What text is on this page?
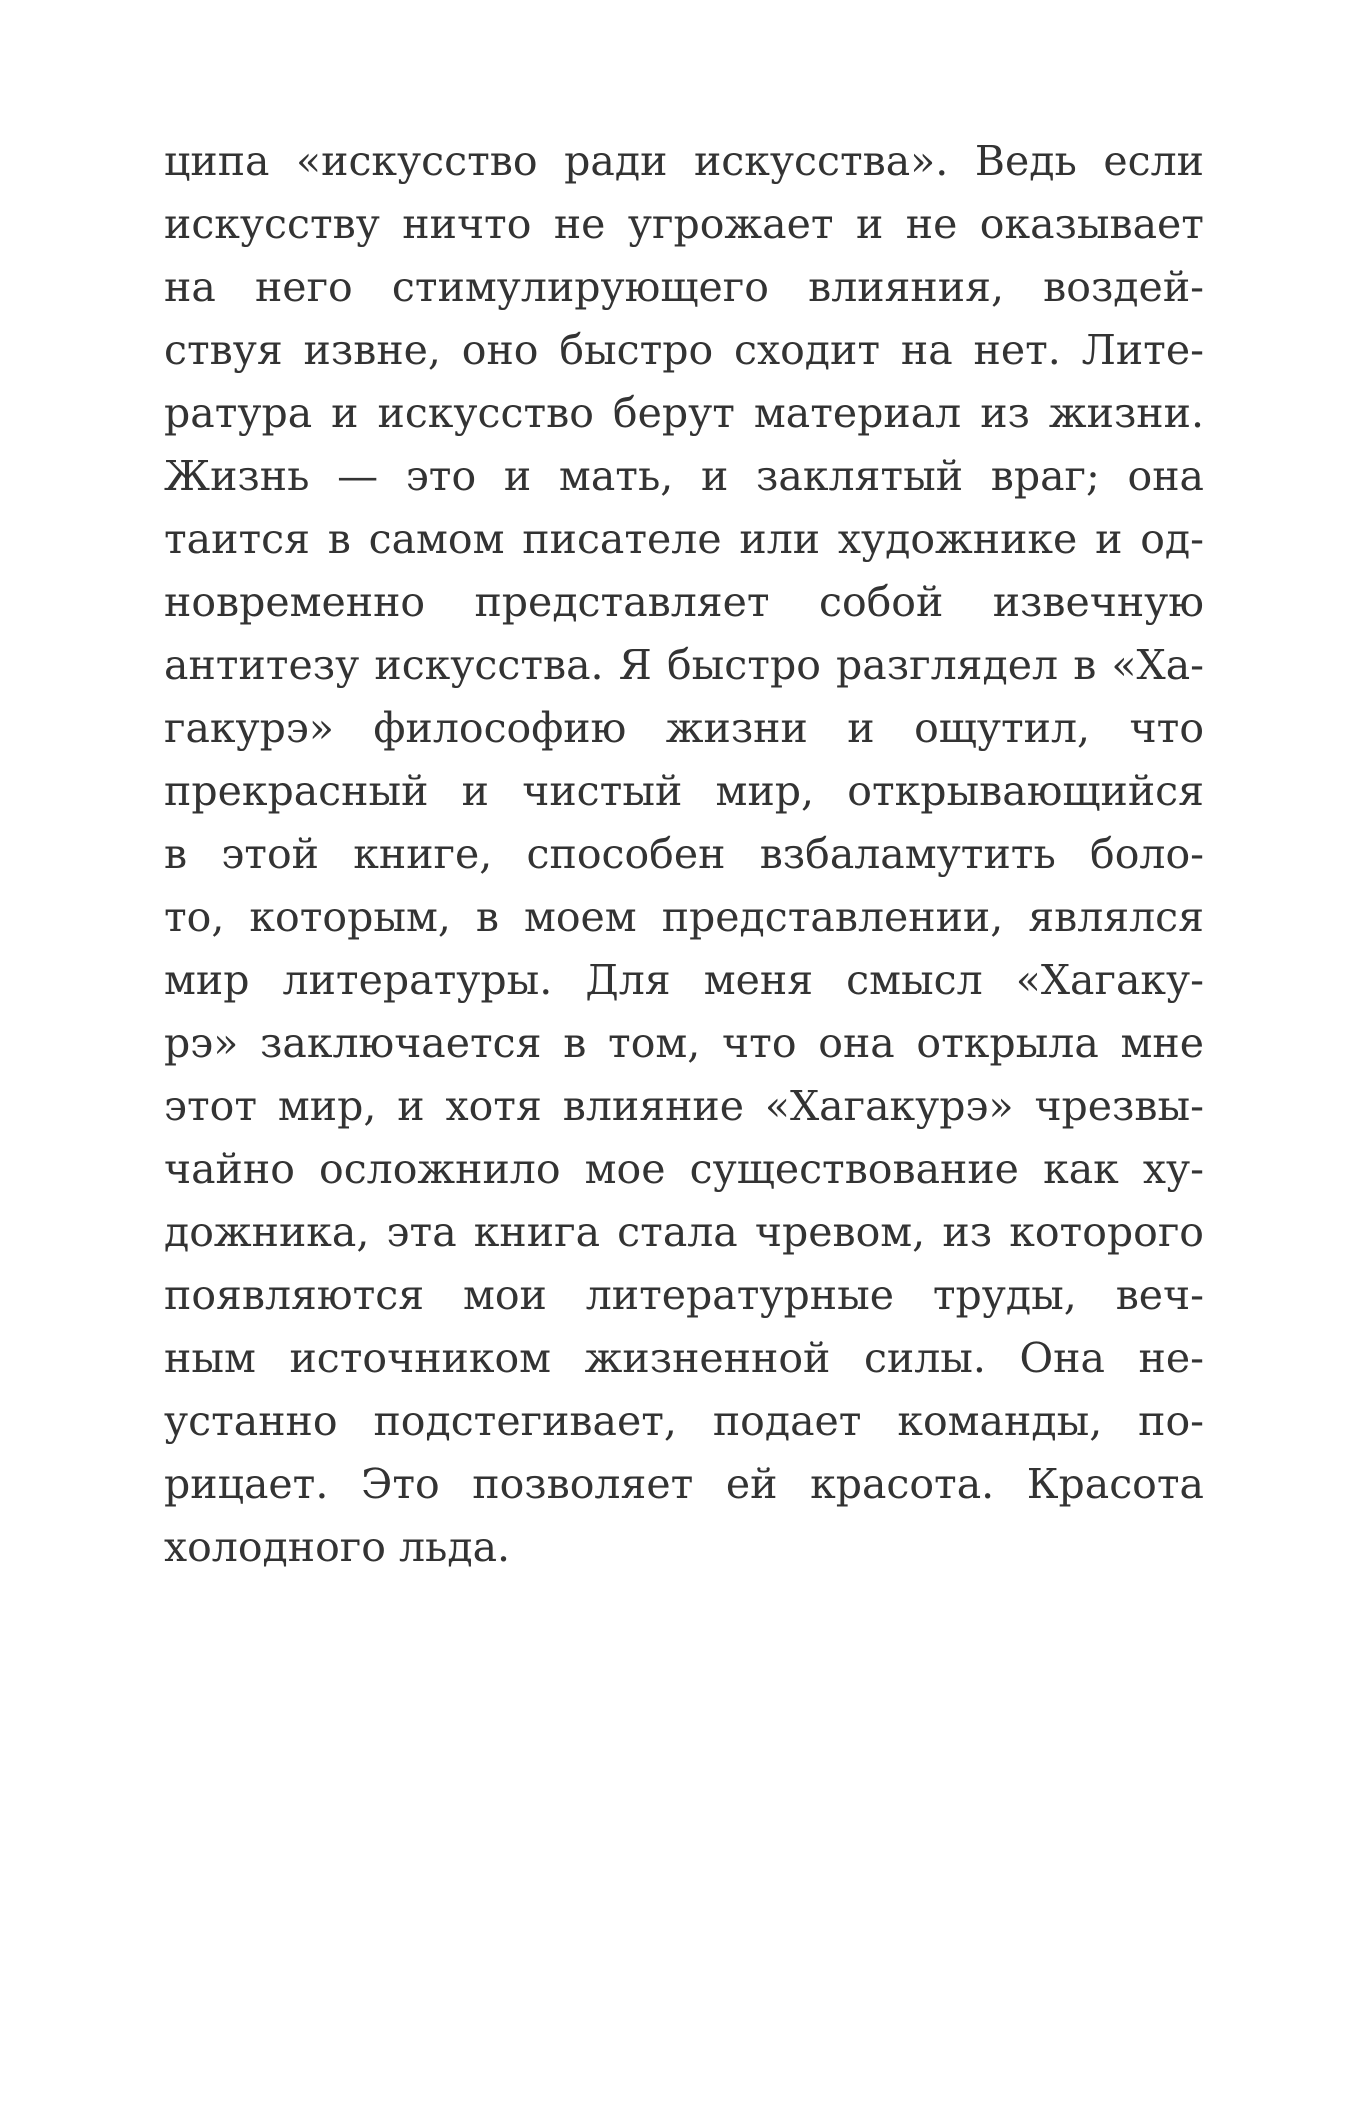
ципа «искусство ради искусства». Ведь если
искусству ничто не угрожает и не оказывает
на него стимулирующего влияния, воздей-
ствуя извне, оно быстро сходит на нет. Лите-
ратура и искусство берут материал из жизни.
Жизнь — это и мать, и заклятый враг; она
таится в самом писателе или художнике и од-
новременно представляет собой извечную
антитезу искусства. Я быстро разглядел в «Ха-
гакурэ» философию жизни и ощутил, что
прекрасный и чистый мир, открывающийся
в этой книге, способен взбаламутить боло-
то, которым, в моем представлении, являлся
мир литературы. Для меня смысл «Хагаку-
рэ» заключается в том, что она открыла мне
этот мир, и хотя влияние «Хагакурэ» чрезвы-
чайно осложнило мое существование как ху-
дожника, эта книга стала чревом, из которого
появляются мои литературные труды, веч-
ным источником жизненной силы. Она не-
устанно подстегивает, подает команды, по-
рицает. Это позволяет ей красота. Красота
холодного льда.
